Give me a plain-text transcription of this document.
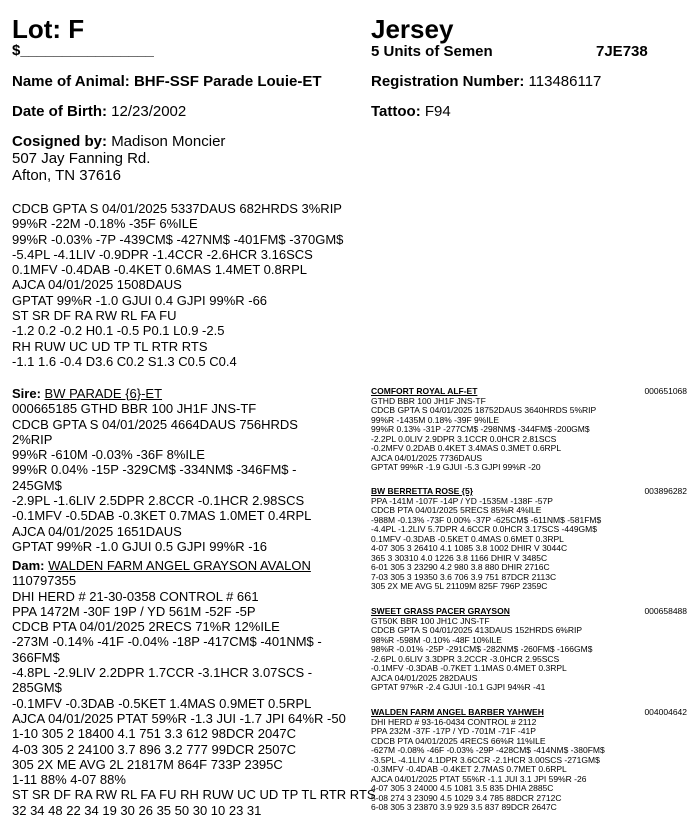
Lot: F
$________________
Jersey
5 Units of Semen	7JE738
Name of Animal: BHF-SSF Parade Louie-ET	Registration Number: 113486117
Date of Birth: 12/23/2002	Tattoo: F94
Cosigned by: Madison Moncier
507 Jay Fanning Rd.
Afton, TN 37616
CDCB GPTA S 04/01/2025 5337DAUS 682HRDS 3%RIP
99%R -22M -0.18% -35F 6%ILE
99%R -0.03% -7P -439CM$ -427NM$ -401FM$ -370GM$
-5.4PL -4.1LIV -0.9DPR -1.4CCR -2.6HCR 3.16SCS
0.1MFV -0.4DAB -0.4KET 0.6MAS 1.4MET 0.8RPL
AJCA 04/01/2025 1508DAUS
GPTAT 99%R -1.0 GJUI 0.4 GJPI 99%R -66
ST SR DF RA RW RL FA FU
-1.2 0.2 -0.2 H0.1 -0.5 P0.1 L0.9 -2.5
RH RUW UC UD TP TL RTR RTS
-1.1 1.6 -0.4 D3.6 C0.2 S1.3 C0.5 C0.4
Sire: BW PARADE {6}-ET
000665185 GTHD BBR 100 JH1F JNS-TF
CDCB GPTA S 04/01/2025 4664DAUS 756HRDS
2%RIP
99%R -610M -0.03% -36F 8%ILE
99%R 0.04% -15P -329CM$ -334NM$ -346FM$ -
245GM$
-2.9PL -1.6LIV 2.5DPR 2.8CCR -0.1HCR 2.98SCS
-0.1MFV -0.5DAB -0.3KET 0.7MAS 1.0MET 0.4RPL
AJCA 04/01/2025 1651DAUS
GPTAT 99%R -1.0 GJUI 0.5 GJPI 99%R -16
Dam: WALDEN FARM ANGEL GRAYSON AVALON
110797355
DHI HERD # 21-30-0358 CONTROL # 661
PPA 1472M -30F 19P / YD 561M -52F -5P
CDCB PTA 04/01/2025 2RECS 71%R 12%ILE
-273M -0.14% -41F -0.04% -18P -417CM$ -401NM$ -
366FM$
-4.8PL -2.9LIV 2.2DPR 1.7CCR -3.1HCR 3.07SCS -
285GM$
-0.1MFV -0.3DAB -0.5KET 1.4MAS 0.9MET 0.5RPL
AJCA 04/01/2025 PTAT 59%R -1.3 JUI -1.7 JPI 64%R -50
1-10 305 2 18400 4.1 751 3.3 612 98DCR 2047C
4-03 305 2 24100 3.7 896 3.2 777 99DCR 2507C
305 2X ME AVG 2L 21817M 864F 733P 2395C
1-11 88% 4-07 88%
ST SR DF RA RW RL FA FU RH RUW UC UD TP TL RTR RTS
32 34 48 22 34 19 30 26 35 50 30 10 23 31
COMFORT ROYAL ALF-ET	000651068
GTHD BBR 100 JH1F JNS-TF
CDCB GPTA S 04/01/2025 18752DAUS 3640HRDS 5%RIP
99%R -1435M 0.18% -39F 9%ILE
99%R 0.13% -31P -277CM$ -298NM$ -344FM$ -200GM$
-2.2PL 0.0LIV 2.9DPR 3.1CCR 0.0HCR 2.81SCS
-0.2MFV 0.2DAB 0.4KET 3.4MAS 0.3MET 0.6RPL
AJCA 04/01/2025 7736DAUS
GPTAT 99%R -1.9 GJUI -5.3 GJPI 99%R -20
BW BERRETTA ROSE {5}	003896282
PPA -141M -107F -14P / YD -1535M -138F -57P
CDCB PTA 04/01/2025 5RECS 85%R 4%ILE
-988M -0.13% -73F 0.00% -37P -625CM$ -611NM$ -581FM$
-4.4PL -1.2LIV 5.7DPR 4.6CCR 0.0HCR 3.17SCS -449GM$
0.1MFV -0.3DAB -0.5KET 0.4MAS 0.6MET 0.3RPL
4-07 305 3 26410 4.1 1085 3.8 1002 DHIR V 3044C
365 3 30310 4.0 1226 3.8 1166 DHIR V 3485C
6-01 305 3 23290 4.2 980 3.8 880 DHIR 2716C
7-03 305 3 19350 3.6 706 3.9 751 87DCR 2113C
305 2X ME AVG 5L 21109M 825F 796P 2359C
SWEET GRASS PACER GRAYSON	000658488
GT50K BBR 100 JH1C JNS-TF
CDCB GPTA S 04/01/2025 413DAUS 152HRDS 6%RIP
98%R -598M -0.10% -48F 10%ILE
98%R -0.01% -25P -291CM$ -282NM$ -260FM$ -166GM$
-2.6PL 0.6LIV 3.3DPR 3.2CCR -3.0HCR 2.95SCS
-0.1MFV -0.3DAB -0.7KET 1.1MAS 0.4MET 0.3RPL
AJCA 04/01/2025 282DAUS
GPTAT 97%R -2.4 GJUI -10.1 GJPI 94%R -41
WALDEN FARM ANGEL BARBER YAHWEH	004004642
DHI HERD # 93-16-0434 CONTROL # 2112
PPA 232M -37F -17P / YD -701M -71F -41P
CDCB PTA 04/01/2025 4RECS 66%R 11%ILE
-627M -0.08% -46F -0.03% -29P -428CM$ -414NM$ -380FM$
-3.5PL -4.1LIV 4.1DPR 3.6CCR -2.1HCR 3.00SCS -271GM$
-0.3MFV -0.4DAB -0.4KET 2.7MAS 0.7MET 0.6RPL
AJCA 04/01/2025 PTAT 55%R -1.1 JUI 3.1 JPI 59%R -26
4-07 305 3 24000 4.5 1081 3.5 835 DHIA 2885C
5-08 274 3 23090 4.5 1029 3.4 785 88DCR 2712C
6-08 305 3 23870 3.9 929 3.5 837 89DCR 2647C
